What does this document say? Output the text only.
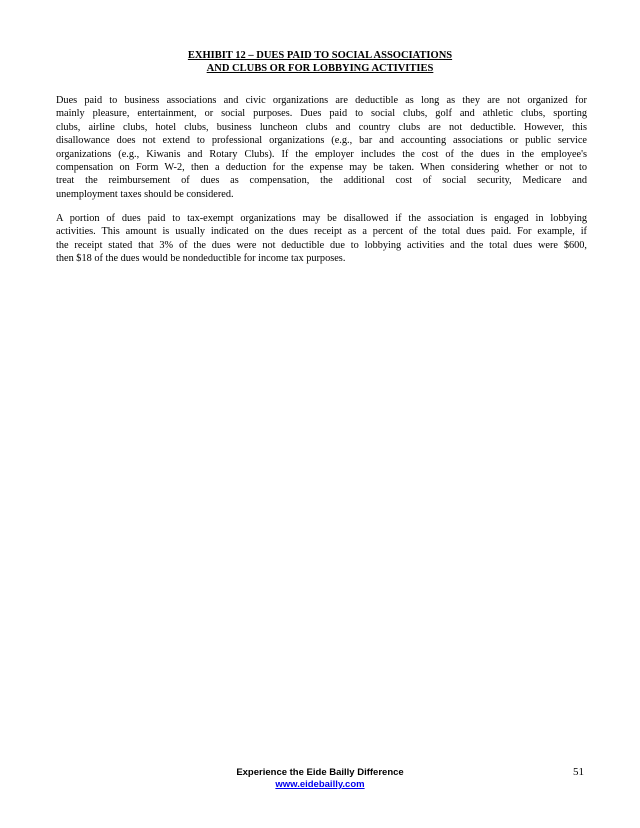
EXHIBIT 12 – DUES PAID TO SOCIAL ASSOCIATIONS
AND CLUBS OR FOR LOBBYING ACTIVITIES
Dues paid to business associations and civic organizations are deductible as long as they are not organized for
mainly pleasure, entertainment, or social purposes. Dues paid to social clubs, golf and athletic clubs, sporting
clubs, airline clubs, hotel clubs, business luncheon clubs and country clubs are not deductible. However, this
disallowance does not extend to professional organizations (e.g., bar and accounting associations or public service
organizations (e.g., Kiwanis and Rotary Clubs). If the employer includes the cost of the dues in the employee's
compensation on Form W-2, then a deduction for the expense may be taken. When considering whether or not to
treat the reimbursement of dues as compensation, the additional cost of social security, Medicare and
unemployment taxes should be considered.
A portion of dues paid to tax-exempt organizations may be disallowed if the association is engaged in lobbying
activities. This amount is usually indicated on the dues receipt as a percent of the total dues paid. For example, if
the receipt stated that 3% of the dues were not deductible due to lobbying activities and the total dues were $600,
then $18 of the dues would be nondeductible for income tax purposes.
Experience the Eide Bailly Difference
www.eidebailly.com
51
